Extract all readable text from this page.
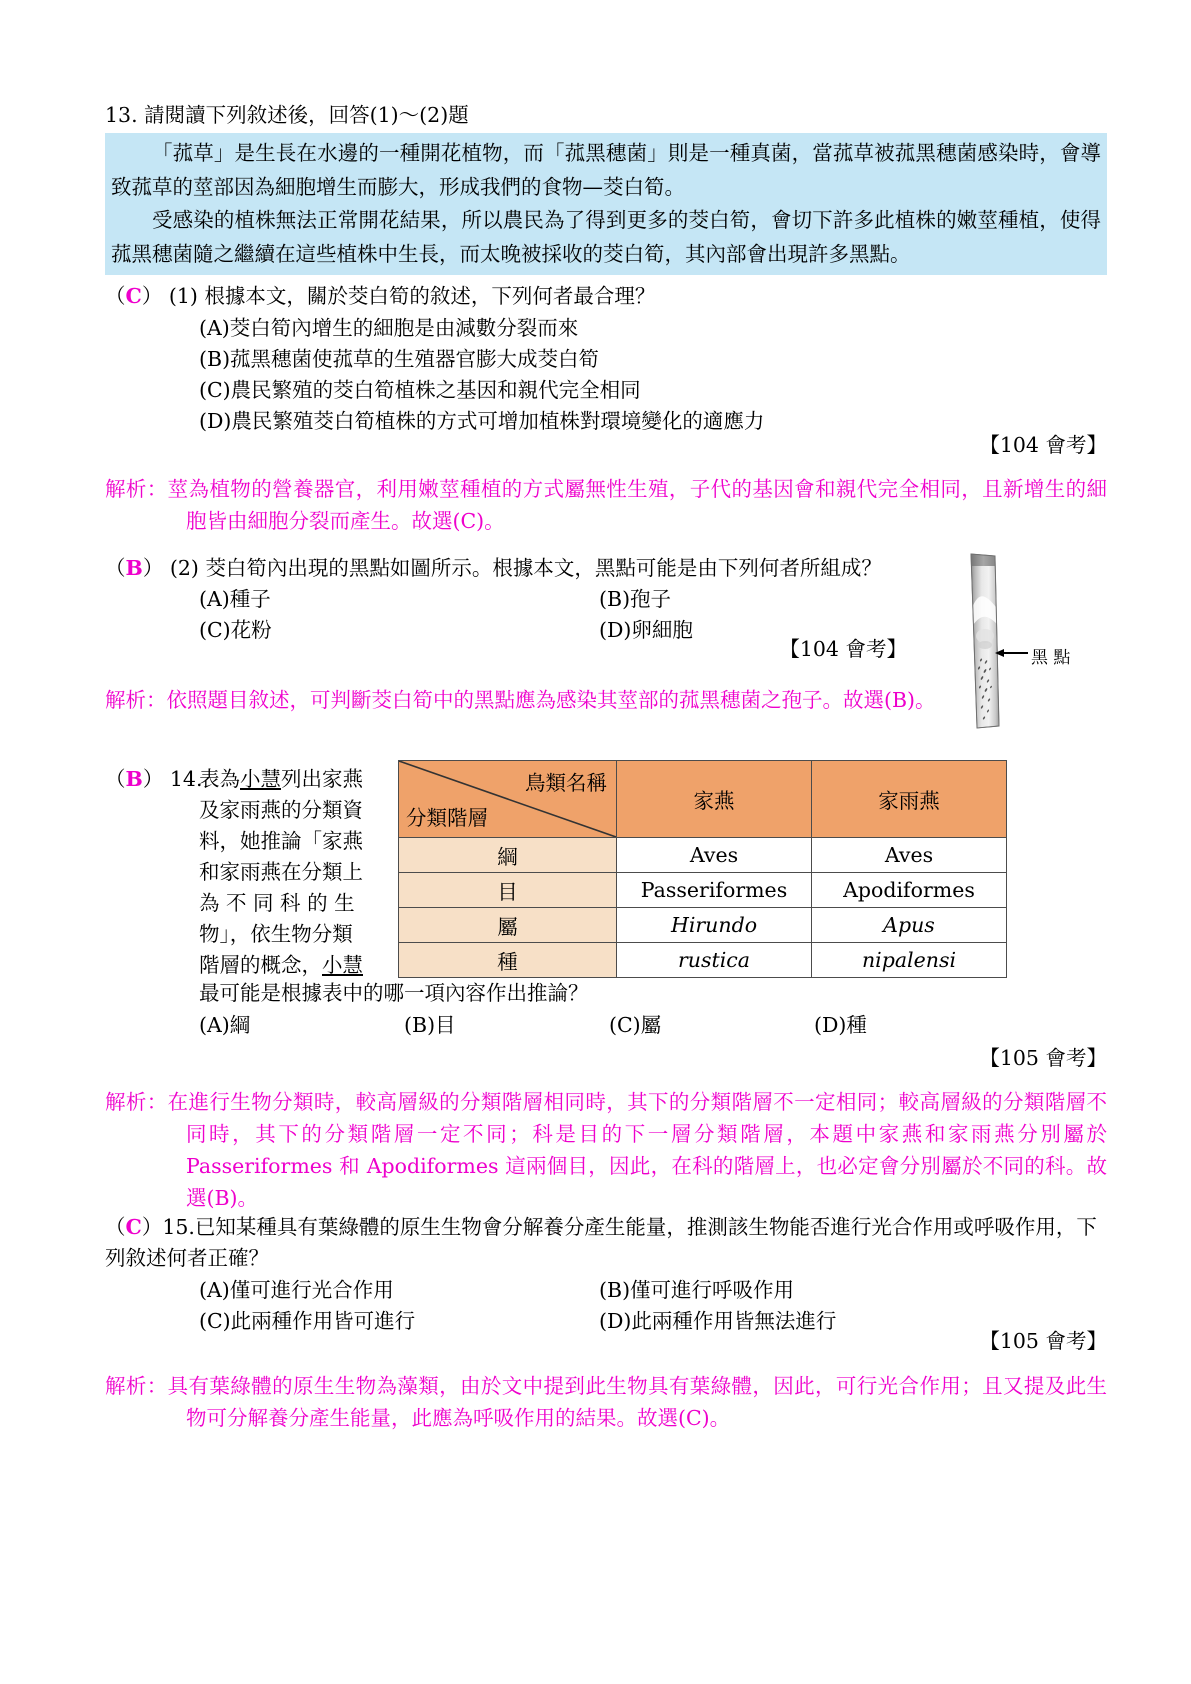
13. 請閱讀下列敘述後，回答(1)～(2)題

「菰草」是生長在水邊的一種開花植物，而「菰黑穗菌」則是一種真菌，當菰草被菰黑穗菌感染時，會導致菰草的莖部因為細胞增生而膨大，形成我們的食物—茭白筍。

受感染的植株無法正常開花結果，所以農民為了得到更多的茭白筍，會切下許多此植株的嫩莖種植，使得菰黑穗菌隨之繼續在這些植株中生長，而太晚被採收的茭白筍，其內部會出現許多黑點。

（C） (1) 根據本文，關於茭白筍的敘述，下列何者最合理？
(A)茭白筍內增生的細胞是由減數分裂而來
(B)菰黑穗菌使菰草的生殖器官膨大成茭白筍
(C)農民繁殖的茭白筍植株之基因和親代完全相同
(D)農民繁殖茭白筍植株的方式可增加植株對環境變化的適應力
【104 會考】
解析：莖為植物的營養器官，利用嫩莖種植的方式屬無性生殖，子代的基因會和親代完全相同，且新增生的細胞皆由細胞分裂而產生。故選(C)。
（B） (2) 茭白筍內出現的黑點如圖所示。根據本文，黑點可能是由下列何者所組成？
(A)種子	(B)孢子
(C)花粉	(D)卵細胞
【104 會考】	黑 點
解析：依照題目敘述，可判斷茭白筍中的黑點應為感染其莖部的菰黑穗菌之孢子。故選(B)。
（B） 14.
表為小慧列出家燕
及家雨燕的分類資
料，她推論「家燕
和家雨燕在分類上
為 不 同 科 的 生
物」，依生物分類
階層的概念，小慧
最可能是根據表中的哪一項內容作出推論？
鳥類名稱
分類階層	家燕	家雨燕
綱	Aves	Aves
目	Passeriformes	Apodiformes
屬	Hirundo	Apus
種	rustica	nipalensi
(A)綱	(B)目	(C)屬	(D)種
【105 會考】
解析：在進行生物分類時，較高層級的分類階層相同時，其下的分類階層不一定相同；較高層級的分類階層不同時，其下的分類階層一定不同；科是目的下一層分類階層，本題中家燕和家雨燕分別屬於 Passeriformes 和 Apodiformes 這兩個目，因此，在科的階層上，也必定會分別屬於不同的科。故選(B)。
（C）15.已知某種具有葉綠體的原生生物會分解養分產生能量，推測該生物能否進行光合作用或呼吸作用，下列敘述何者正確？
(A)僅可進行光合作用	(B)僅可進行呼吸作用
(C)此兩種作用皆可進行	(D)此兩種作用皆無法進行
【105 會考】
解析：具有葉綠體的原生生物為藻類，由於文中提到此生物具有葉綠體，因此，可行光合作用；且又提及此生物可分解養分產生能量，此應為呼吸作用的結果。故選(C)。
